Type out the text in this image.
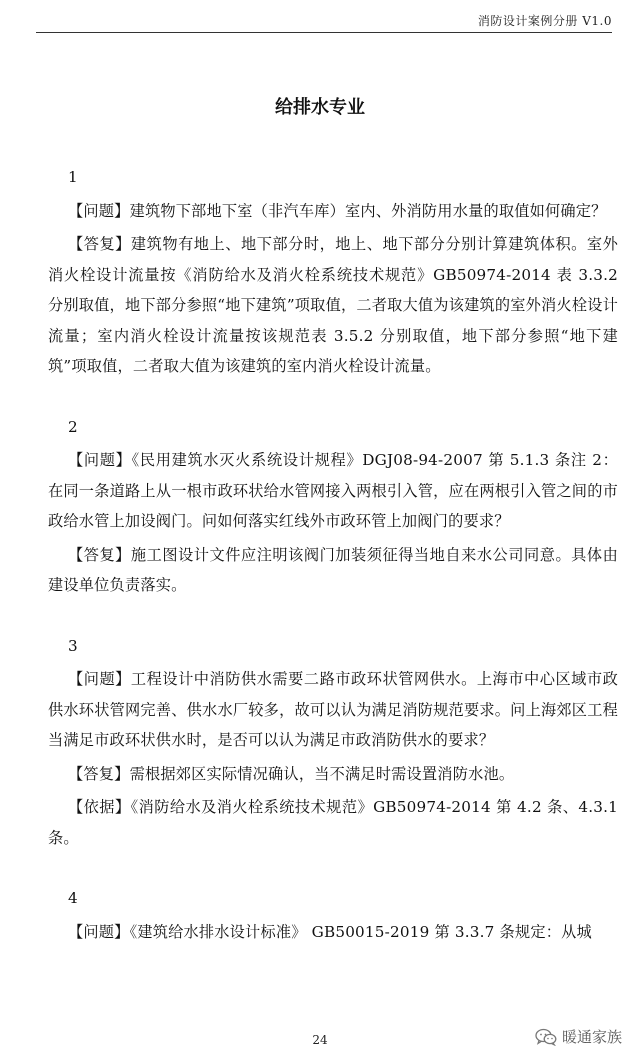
消防设计案例分册 V1.0
给排水专业

1

【问题】建筑物下部地下室（非汽车库）室内、外消防用水量的取值如何确定？

【答复】建筑物有地上、地下部分时，地上、地下部分分别计算建筑体积。室外消火栓设计流量按《消防给水及消火栓系统技术规范》GB50974-2014 表 3.3.2 分别取值，地下部分参照“地下建筑”项取值，二者取大值为该建筑的室外消火栓设计流量；室内消火栓设计流量按该规范表 3.5.2 分别取值，地下部分参照“地下建筑”项取值，二者取大值为该建筑的室内消火栓设计流量。

2

【问题】《民用建筑水灭火系统设计规程》DGJ08-94-2007 第 5.1.3 条注 2：在同一条道路上从一根市政环状给水管网接入两根引入管，应在两根引入管之间的市政给水管上加设阀门。问如何落实红线外市政环管上加阀门的要求？

【答复】施工图设计文件应注明该阀门加装须征得当地自来水公司同意。具体由建设单位负责落实。

3

【问题】工程设计中消防供水需要二路市政环状管网供水。上海市中心区域市政供水环状管网完善、供水水厂较多，故可以认为满足消防规范要求。问上海郊区工程当满足市政环状供水时，是否可以认为满足市政消防供水的要求？

【答复】需根据郊区实际情况确认，当不满足时需设置消防水池。

【依据】《消防给水及消火栓系统技术规范》GB50974-2014 第 4.2 条、4.3.1 条。

4

【问题】《建筑给水排水设计标准》 GB50015-2019 第 3.3.7 条规定：从城

24	暖通家族
